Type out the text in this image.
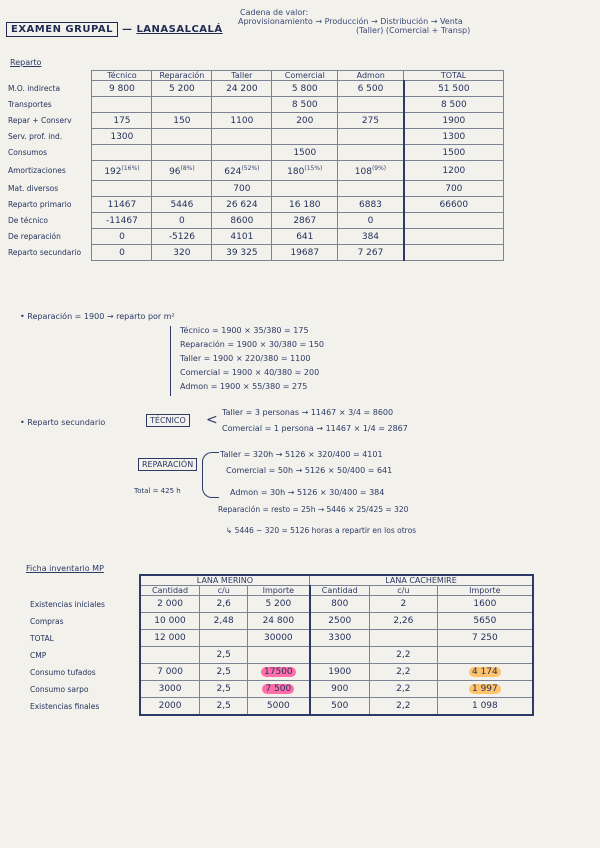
EXAMEN GRUPAL — LANASALCALÁ
Cadena de valor:
Aprovisionamiento → Producción → Distribución → Venta
(Taller) (Comercial + Transp)
Reparto
	Técnico	Reparación	Taller	Comercial	Admon	TOTAL
M.O. indirecta	9 800	5 200	24 200	5 800	6 500	51 500
Transportes				8 500		8 500
Repar + Conserv	175	150	1100	200	275	1900
Serv. prof. ind.	1300					1300
Consumos				1500		1500
Amortizaciones	$192^{(16\%)}$	$96^{(8\%)}$	$624^{(52\%)}$	$180^{(15\%)}$	$108^{(9\%)}$	1200
Mat. diversos			700			700
Reparto primario	11467	5446	26 624	16 180	6883	66600
De técnico	-11467	0	8600	2867	0	
De reparación	0	-5126	4101	641	384	
Reparto secundario	0	320	39 325	19687	7 267	
• Reparación = 1900 → reparto por m²
Técnico = 1900 × 35/380 = 175
Reparación = 1900 × 30/380 = 150
Taller = 1900 × 220/380 = 1100
Comercial = 1900 × 40/380 = 200
Admon = 1900 × 55/380 = 275
• Reparto secundario	TÉCNICO < Taller = 3 personas → 11467 × 3/4 = 8600
Comercial = 1 persona → 11467 × 1/4 = 2867
REPARACIÓN
Total = 425 h
Taller = 320h → 5126 × 320/400 = 4101
Comercial = 50h → 5126 × 50/400 = 641
Admon = 30h → 5126 × 30/400 = 384
Reparación = resto = 25h → 5446 × 25/425 = 320
↳ 5446 − 320 = 5126 horas a repartir en los otros
Ficha inventario MP
	LANA MERINO			LANA CACHEMIRE		
	Cantidad	c/u	Importe	Cantidad	c/u	Importe
Existencias iniciales	2 000	2,6	5 200	800	2	1600
Compras	10 000	2,48	24 800	2500	2,26	5650
TOTAL	12 000		30000	3300		7 250
CMP		2,5			2,2	
Consumo tufados	7 000	2,5	17500	1900	2,2	4 174
Consumo sarpo	3000	2,5	7 500	900	2,2	1 997
Existencias finales	2000	2,5	5000	500	2,2	1 098
